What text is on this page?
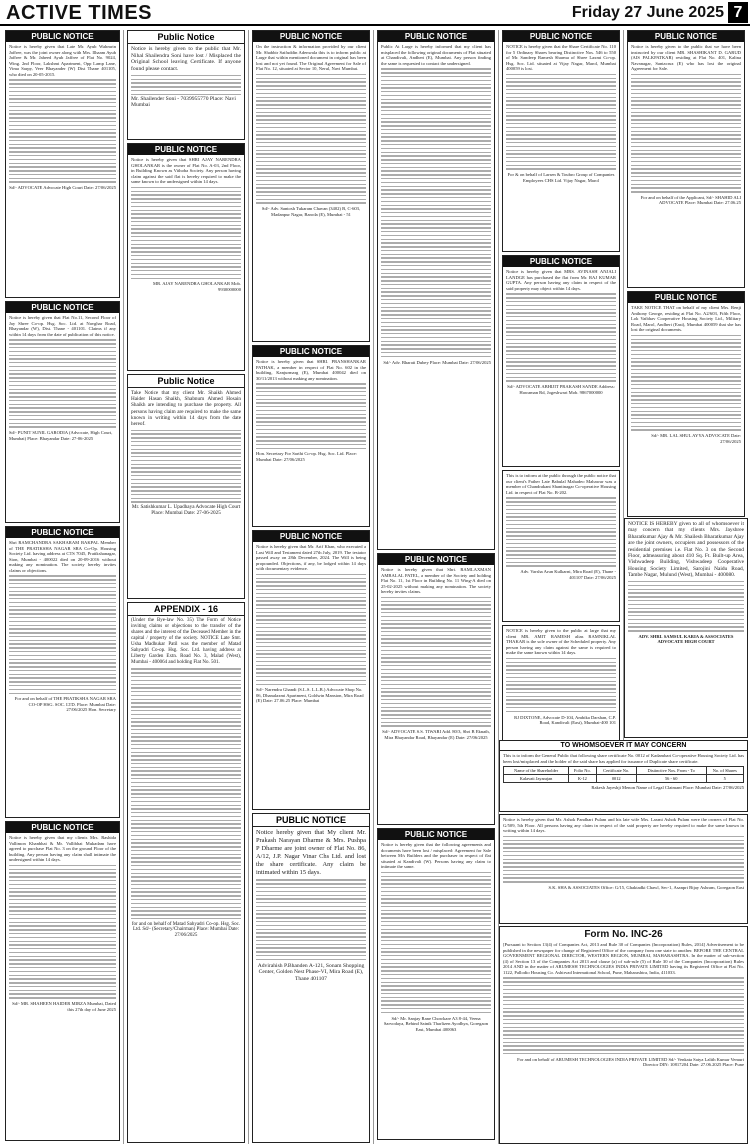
ACTIVE TIMES	Friday 27 June 2025 7
PUBLIC NOTICE
Notice is hereby given that Late Mr. Ayub Wahmrin Jaffree, was the joint owner along with Mrs. Ilhaam Ayub Jaffree & Mr. Jaheed Ayub Jaffree of Flat No. 9024, Wing. 2nd Floor, Lakshmi Apartment, Opp Lamp Lane, Vima Sarpy, Veer Bhayander (W) Dist Thane 401105, who died on 20-05-2015.
Sd/- ADVOCATE Advocate High Court Date: 27/06/2025
PUBLIC NOTICE
Notice is hereby given that Flat No.11, Second Floor of Jay Shree Co-op. Hsg. Soc. Ltd. at Navghar Road, Bhayandar (W), Dist. Thane - 401101. Claims if any within 14 days from the date of publication of this notice.
Sd/- PUNIT SUNIL GARODIA (Advocate, High Court, Mumbai) Place: Bhayandar Date: 27-06-2025
PUBLIC NOTICE
Shri RAMCHANDRA SAKHARAM BAKPAL Member of THE PRATIKSHA NAGAR SRA Co-Op. Housing Society Ltd. having address at CTS 7045, Pratikshanagar, Sion, Mumbai - 400022 died on 20-09-2016 without making any nomination. The society hereby invites claims or objections.
For and on behalf of THE PRATIKSHA NAGAR SRA CO-OP HSG. SOC. LTD. Place: Mumbai Date: 27/06/2025 Hon. Secretary
PUBLIC NOTICE
Notice is hereby given that my clients Mrs. Rashida Vallimon Khanbhai & Mr. Vallibhai Mukadam have agreed to purchase Flat No. 3 on the ground Floor of the building. Any person having any claim shall intimate the undersigned within 14 days.
Sd/- MR. SHAHEEN HAIDER MIRZA Mumbai, Dated this 27th day of June 2025
Public Notice
Notice is hereby given to the public that Mr. Nihal Shailendra Soni have lost / Misplaced the Original School leaving Certificate. If anyone found please contact.
Mr. Shailender Soni - 7039955770 Place: Navi Mumbai
PUBLIC NOTICE
Notice is hereby given that SHRI AJAY NARENDRA GHOLANKAR is the owner of Flat No. A-03, 2nd Floor, in Building Known as Vithoba Society. Any person having claim against the said flat is hereby required to make the same known to the undersigned within 14 days.
MR. AJAY NARENDRA GHOLANKAR Mob. 9930000000
Public Notice
Take Notice that my client Mr. Shaikh Ahmed Haider Hasan Shaikh, Shabnum Ahmed Hosain Shaikh are intending to purchase the property. All persons having claim are required to make the same known in writing within 14 days from the date hereof.
Mr. Satishkumar L. Upadhaya Advocate High Court Place: Mumbai Date: 27-06-2025
APPENDIX - 16
(Under the Bye-law No. 35) The Form of Notice inviting claims or objections to the transfer of the shares and the interest of the Deceased Member in the capital / property of the society. NOTICE Late Smt. Usha Madhukar Patil was the member of Matad Sahyadri Co-op. Hsg. Soc. Ltd. having address at Liberty Garden Extn. Road No. 3, Malad (West), Mumbai - 400064 and holding Flat No. 501.
for and on behalf of Matad Sahyadri Co-op. Hsg. Soc. Ltd. Sd/- (Secretary/Chairman) Place: Mumbai Date: 27/06/2025
PUBLIC NOTICE
On the instruction & information provided by our client Mr. Shabbir Saifuddin Adenwala this is to inform public at Large that within mentioned document in original has been lost and not yet found. The Original Agreement for Sale of Flat No. 12, situated at Sector 10, Nerul, Navi Mumbai.
Sd/- Adv. Santosh Tukaram Chavan (3402) B, C-603, Madanpur Nagar, Baroda (E), Mumbai - 51
PUBLIC NOTICE
Notice is hereby given that SHRI. PRANSHANKAR PATHAK, a member in respect of Flat No. 602 in the building, Kanjurmarg (E), Mumbai 400042 died on 30/11/2013 without making any nomination.
Hon. Secretary For Sarthi Co-op. Hsg. Soc. Ltd. Place: Mumbai Date: 27/06/2025
PUBLIC NOTICE
Notice is hereby given that Mr. Arif Khan, who executed a Last Will and Testament dated 27th July, 2019. The testator passed away on 28th December, 2024. The Will is being propounded. Objections, if any, be lodged within 14 days with documentary evidence.
Sd/- Narendra Ghandi (S.L.S. L.L.B.) Advocate Shop No. 06, Dhanalaxmi Apartment, Goldwin Mansion, Mira Road (E) Date: 27.06.25 Place: Mumbai
PUBLIC NOTICE
Notice hereby given that My client Mr. Prakash Narayan Dharme & Mrs. Pushpa P Dharme are joint owner of Flat No. 86, A/12, J.P. Nagar Vinar Chs Ltd. and lost the share certificate. Any claim be intimated within 15 days.
Advirahish P.Bhanden A-121, Sonam Shopping Center, Golden Nest Phase-VI, Mira Road (E), Thane 401107
PUBLIC NOTICE
Public At Large is hereby informed that my client has misplaced the following original documents of Flat situated at Chandivali, Andheri (E), Mumbai. Any person finding the same is requested to contact the undersigned.
Sd/- Adv. Bharati Dubey Place: Mumbai Date: 27/06/2025
PUBLIC NOTICE
Notice is hereby given that Shri. RAMLAXMAN AMBALAL PATEL, a member of the Society and holding Flat No. 11, 1st Floor in Building No. 11 Wing-A died on 25-02-2025 without making any nomination. The society hereby invites claims.
Sd/- ADVOCATE S.S. TIWARI Add. 80/3, Shri B Eknath, Mira Bhayandar Road, Bhayandar (E) Date: 27/06/2025
PUBLIC NOTICE
Notice is hereby given that the following agreements and documents have been lost / misplaced: Agreement for Sale between M/s Builders and the purchaser in respect of flat situated at Kandivali (W). Persons having any claim to intimate the same.
Sd/- Mr. Sanjay Rane Chowkare A3 8-44, Veena Sarvodaya, Behind Sainik Tharlizen Ayodhya, Goregaon East, Mumbai 400063
PUBLIC NOTICE
NOTICE is hereby given that the Share Certificate No. 110 for 5 Ordinary Shares bearing Distinctive Nos. 546 to 550 of Mr. Sandeep Ramesh Sharma of Shree Laxmi Co-op. Hsg. Soc. Ltd. situated at Vijay Nagar, Marol, Mumbai 400059 is lost.
For & on behalf of Larsen & Toubro Group of Companies Employees CHS Ltd. Vijay Nagar, Marol
PUBLIC NOTICE
Notice is hereby given that MRS. AVINASH ANJALI LANDGE has purchased the flat from Mr. RAJ KUMAR GUPTA. Any person having any claim in respect of the said property may object within 14 days.
Sd/- ADVOCATE ABHIJIT PRAKASH SANDE Address: Hawaman Rd, Jogeshwari Mob. 9867000000
This is to inform at the public through the public notice that our client's Father Late Babulal Mahadeo Mahawar was a member of Chandrakant Shantinagar Co-operative Housing Ltd. in respect of Flat No. B-202.
Adv. Varsha Arun Kulkarni, Mira Road (E), Thane - 401107 Date: 27/06/2025
NOTICE is hereby given to the public at large that my client MR. AMIT RAMESH alias RAMNIKLAL THAKAR is the sole owner of the Scheduled property. Any person having any claim against the same is required to make the same known within 14 days.
RJ DIXTONE, Advocate D-104, Ambika Darshan, C.P. Road, Kandivali (East), Mumbai-400 101
PUBLIC NOTICE
Notice is hereby given to the public that we have been instructed by our client MR. SHASHIKANT D. GARUD (AIS PALKPATKAR) residing at Flat No. 401, Kalina Navanagar, Santacruz (E) who has lost the original Agreement for Sale.
For and on behalf of the Applicant, Sd/- SHAHID ALI ADVOCATE Place: Mumbai Date: 27.06.25
PUBLIC NOTICE
TAKE NOTICE THAT on behalf of my client Mrs. Renji Anthony George, residing at Flat No. A2/603, Fifth Floor, Lok Vaibhav Cooperative Housing Society Ltd., Military Road, Marol, Andheri (East), Mumbai 400059 that she has lost the original documents.
Sd/- MR. LAL SHUL AYYA ADVOCATE Date: 27/06/2025
NOTICE IS HEREBY given to all of whomsoever it may concern that my clients Mrs. Jayshree Bharatkumar Ajay & Mr. Shailesh Bharatkumar Ajay are the joint owners, occupiers and possessors of the residential premises i.e. Flat No. 3 on the Second Floor, admeasuring about 410 Sq. Ft. Built-up Area, Vishwadeep Building, Vishwadeep Cooperative Housing Society Limited, Sarojini Naidu Road, Tambe Nagar, Mulund (West), Mumbai - 400080.
ADV. SHRI. SAMSUL KARIA & ASSOCIATES ADVOCATE HIGH COURT
TO WHOMSOEVER IT MAY CONCERN
This is to inform the General Public that following share certificate No. 0012 of Kadambari Co-operative Housing Society Ltd. has been lost/misplaced and the holder of the said share has applied for issuance of Duplicate share certificate.
Name of the Shareholder	Folio No.	Certificate No.	Distinctive Nos. From - To	No. of Shares
Kalavati Jayarajan	K-12	0012	56 - 60	5
Rakesh Jayeshji Menon Name of Legal Claimant Place: Mumbai Date: 27/06/2025
Notice is hereby given that Mr. Ashok Pandhari Pulam and his late wife Mrs. Laxmi Ashok Pulam were the owners of Flat No. G/509, 5th Floor. All persons having any claim in respect of the said property are hereby required to make the same known in writing within 14 days.
S.K. SHA & ASSOCIATES Office: G/15, Ghaktadki Chawl, Sec-1, Asanpri Bijay Ashram, Goregaon East
Form No. INC-26
[Pursuant to Section 13(4) of Companies Act, 2013 and Rule 30 of Companies (Incorporation) Rules, 2014] Advertisement to be published in the newspaper for change of Registered Office of the company from one state to another. BEFORE THE CENTRAL GOVERNMENT REGIONAL DIRECTOR, WESTERN REGION, MUMBAI, MAHARASHTRA. In the matter of sub-section (4) of Section 13 of the Companies Act 2013 and clause (a) of sub-rule (5) of Rule 30 of the Companies (Incorporation) Rules 2014 AND in the matter of ARUMESH TECHNOLOGIES INDIA PRIVATE LIMITED having its Registered Office at Flat No. 1122, Pallodio Housing Co. Ashirvad International School, Pune, Maharashtra, India, 411033.
For and on behalf of ARUMESH TECHNOLOGIES INDIA PRIVATE LIMITED Sd/- Venkata Satya Lalith Kumar Vemuri Director DIN: 10817204 Date: 27.06.2025 Place: Pune
